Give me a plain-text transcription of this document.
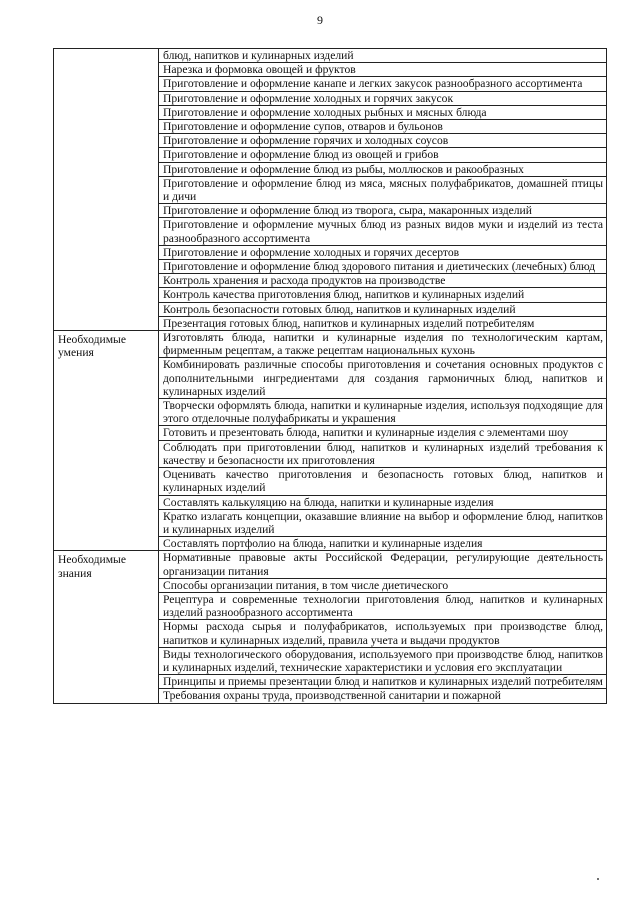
9
	блюд, напитков и кулинарных изделий
	Нарезка и формовка овощей и фруктов
	Приготовление и оформление канапе и легких закусок разнообразного ассортимента
	Приготовление и оформление холодных и горячих закусок
	Приготовление и оформление холодных рыбных и мясных блюда
	Приготовление и оформление супов, отваров и бульонов
	Приготовление и оформление горячих и холодных соусов
	Приготовление и оформление блюд из овощей и грибов
	Приготовление и оформление блюд из рыбы, моллюсков и ракообразных
	Приготовление и оформление блюд из мяса, мясных полуфабрикатов, домашней птицы и дичи
	Приготовление и оформление блюд из творога, сыра, макаронных изделий
	Приготовление и оформление мучных блюд из разных видов муки и изделий из теста разнообразного ассортимента
	Приготовление и оформление холодных и горячих десертов
	Приготовление и оформление блюд здорового питания и диетических (лечебных) блюд
	Контроль хранения и расхода продуктов на производстве
	Контроль качества приготовления блюд, напитков и кулинарных изделий
	Контроль безопасности готовых блюд, напитков и кулинарных изделий
	Презентация готовых блюд, напитков и кулинарных изделий потребителям
Необходимые умения	Изготовлять блюда, напитки и кулинарные изделия по технологическим картам, фирменным рецептам, а также рецептам национальных кухонь
	Комбинировать различные способы приготовления и сочетания основных продуктов с дополнительными ингредиентами для создания гармоничных блюд, напитков и кулинарных изделий
	Творчески оформлять блюда, напитки и кулинарные изделия, используя подходящие для этого отделочные полуфабрикаты и украшения
	Готовить и презентовать блюда, напитки и кулинарные изделия с элементами шоу
	Соблюдать при приготовлении блюд, напитков и кулинарных изделий требования к качеству и безопасности их приготовления
	Оценивать качество приготовления и безопасность готовых блюд, напитков и кулинарных изделий
	Составлять калькуляцию на блюда, напитки и кулинарные изделия
	Кратко излагать концепции, оказавшие влияние на выбор и оформление блюд, напитков и кулинарных изделий
	Составлять портфолио на блюда, напитки и кулинарные изделия
Необходимые знания	Нормативные правовые акты Российской Федерации, регулирующие деятельность организации питания
	Способы организации питания, в том числе диетического
	Рецептура и современные технологии приготовления блюд, напитков и кулинарных изделий разнообразного ассортимента
	Нормы расхода сырья и полуфабрикатов, используемых при производстве блюд, напитков и кулинарных изделий, правила учета и выдачи продуктов
	Виды технологического оборудования, используемого при производстве блюд, напитков и кулинарных изделий, технические характеристики и условия его эксплуатации
	Принципы и приемы презентации блюд и напитков и кулинарных изделий потребителям
	Требования охраны труда, производственной санитарии и пожарной
